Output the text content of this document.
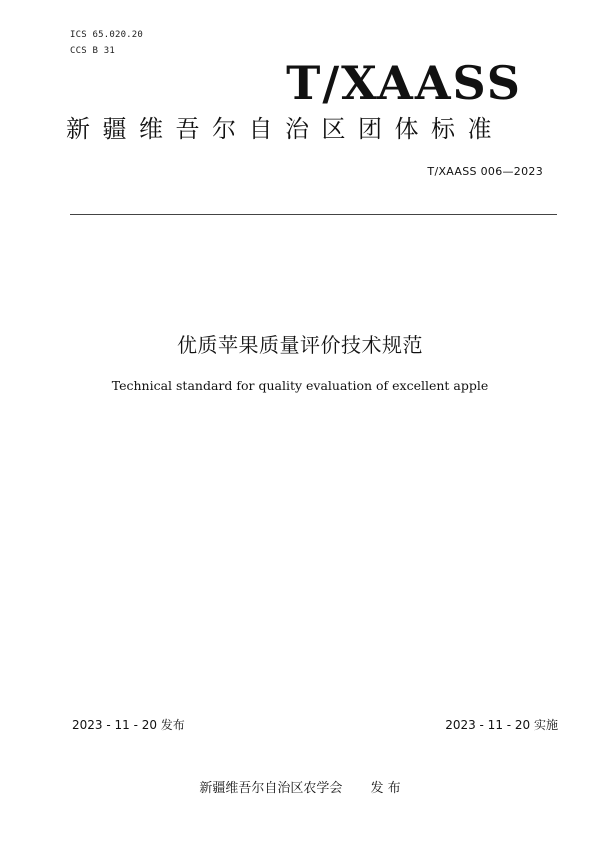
ICS 65.020.20
CCS B 31
T/XAASS
新疆维吾尔自治区团体标准
T/XAASS 006—2023
优质苹果质量评价技术规范
Technical standard for quality evaluation of excellent apple
2023 - 11 - 20 发布	2023 - 11 - 20 实施
新疆维吾尔自治区农学会 发 布
